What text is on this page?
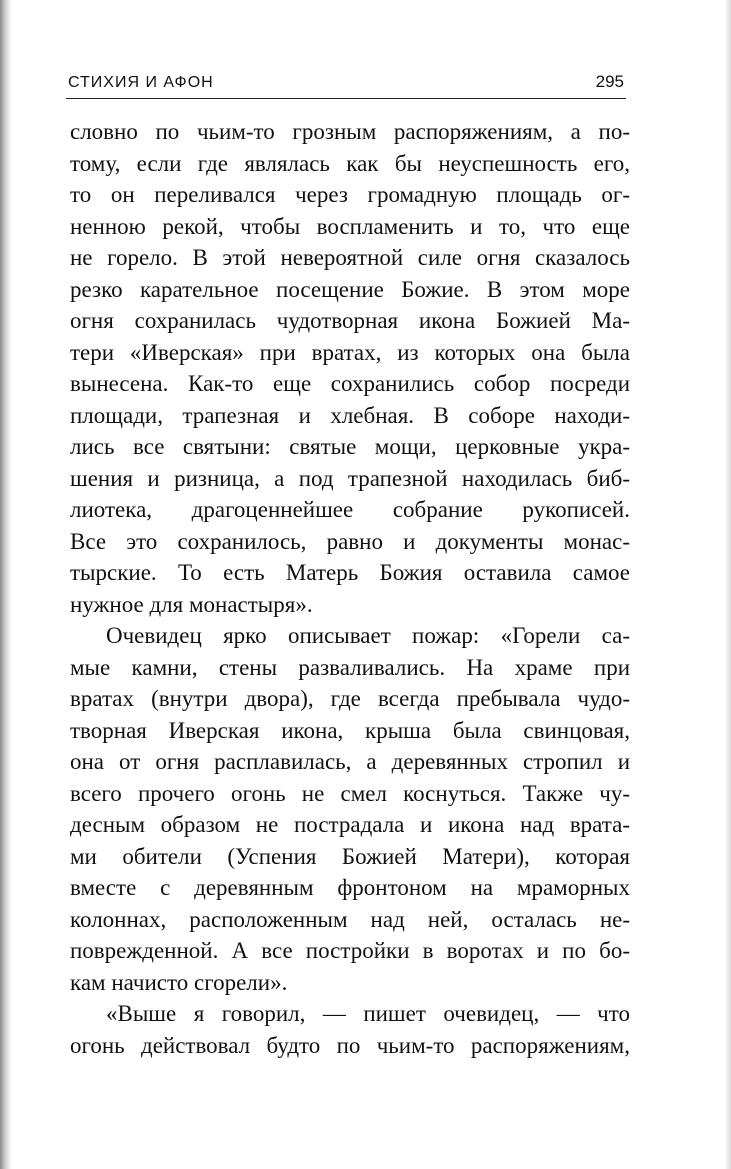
СТИХИЯ И АФОН	295
словно по чьим-то грозным распоряжениям, а по-
тому, если где являлась как бы неуспешность его,
то он переливался через громадную площадь ог-
ненною рекой, чтобы воспламенить и то, что еще
не горело. В этой невероятной силе огня сказалось
резко карательное посещение Божие. В этом море
огня сохранилась чудотворная икона Божией Ма-
тери «Иверская» при вратах, из которых она была
вынесена. Как-то еще сохранились собор посреди
площади, трапезная и хлебная. В соборе находи-
лись все святыни: святые мощи, церковные укра-
шения и ризница, а под трапезной находилась биб-
лиотека, драгоценнейшее собрание рукописей.
Все это сохранилось, равно и документы монас-
тырские. То есть Матерь Божия оставила самое
нужное для монастыря».
Очевидец ярко описывает пожар: «Горели са-
мые камни, стены разваливались. На храме при
вратах (внутри двора), где всегда пребывала чудо-
творная Иверская икона, крыша была свинцовая,
она от огня расплавилась, а деревянных стропил и
всего прочего огонь не смел коснуться. Также чу-
десным образом не пострадала и икона над врата-
ми обители (Успения Божией Матери), которая
вместе с деревянным фронтоном на мраморных
колоннах, расположенным над ней, осталась не-
поврежденной. А все постройки в воротах и по бо-
кам начисто сгорели».
«Выше я говорил, — пишет очевидец, — что
огонь действовал будто по чьим-то распоряжениям,
